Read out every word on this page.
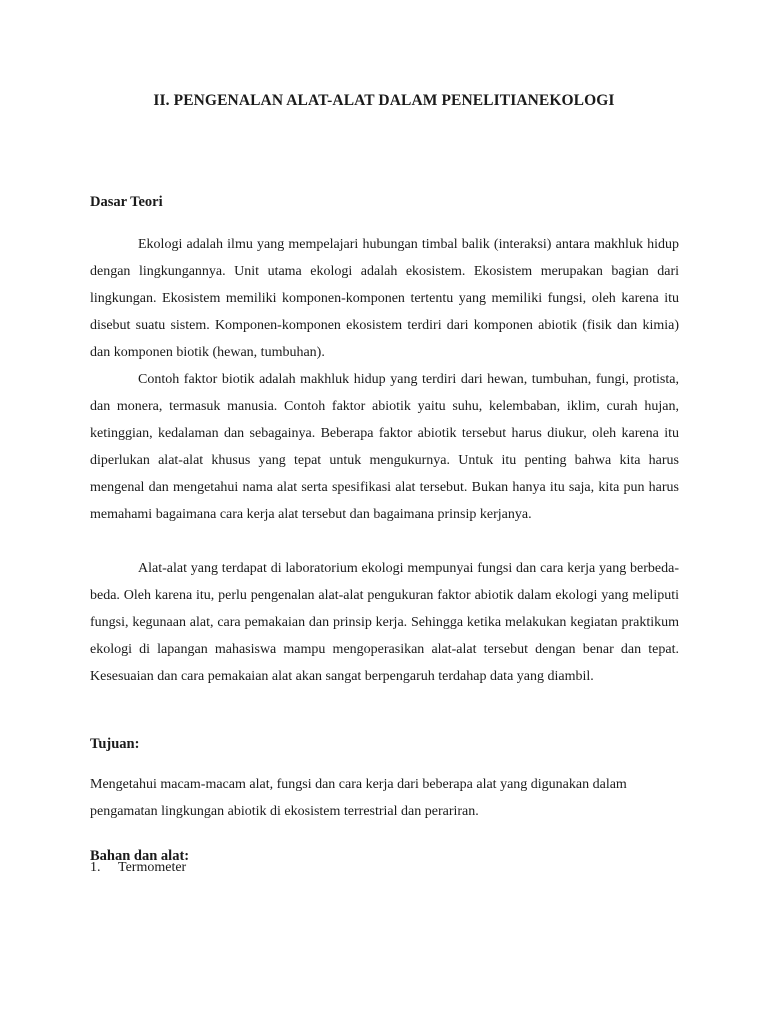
II. PENGENALAN ALAT-ALAT DALAM PENELITIANEKOLOGI
Dasar Teori

Ekologi adalah ilmu yang mempelajari hubungan timbal balik (interaksi) antara makhluk hidup dengan lingkungannya. Unit utama ekologi adalah ekosistem. Ekosistem merupakan bagian dari lingkungan. Ekosistem memiliki komponen-komponen tertentu yang memiliki fungsi, oleh karena itu disebut suatu sistem. Komponen-komponen ekosistem terdiri dari komponen abiotik (fisik dan kimia) dan komponen biotik (hewan, tumbuhan).

Contoh faktor biotik adalah makhluk hidup yang terdiri dari hewan, tumbuhan, fungi, protista, dan monera, termasuk manusia. Contoh faktor abiotik yaitu suhu, kelembaban, iklim, curah hujan, ketinggian, kedalaman dan sebagainya. Beberapa faktor abiotik tersebut harus diukur, oleh karena itu diperlukan alat-alat khusus yang tepat untuk mengukurnya. Untuk itu penting bahwa kita harus mengenal dan mengetahui nama alat serta spesifikasi alat tersebut. Bukan hanya itu saja, kita pun harus memahami bagaimana cara kerja alat tersebut dan bagaimana prinsip kerjanya.

Alat-alat yang terdapat di laboratorium ekologi mempunyai fungsi dan cara kerja yang berbeda-beda. Oleh karena itu, perlu pengenalan alat-alat pengukuran faktor abiotik dalam ekologi yang meliputi fungsi, kegunaan alat, cara pemakaian dan prinsip kerja. Sehingga ketika melakukan kegiatan praktikum ekologi di lapangan mahasiswa mampu mengoperasikan alat-alat tersebut dengan benar dan tepat. Kesesuaian dan cara pemakaian alat akan sangat berpengaruh terdahap data yang diambil.

Tujuan:

Mengetahui macam-macam alat, fungsi dan cara kerja dari beberapa alat yang digunakan dalam pengamatan lingkungan abiotik di ekosistem terrestrial dan perariran.

Bahan dan alat:
1. Termometer
